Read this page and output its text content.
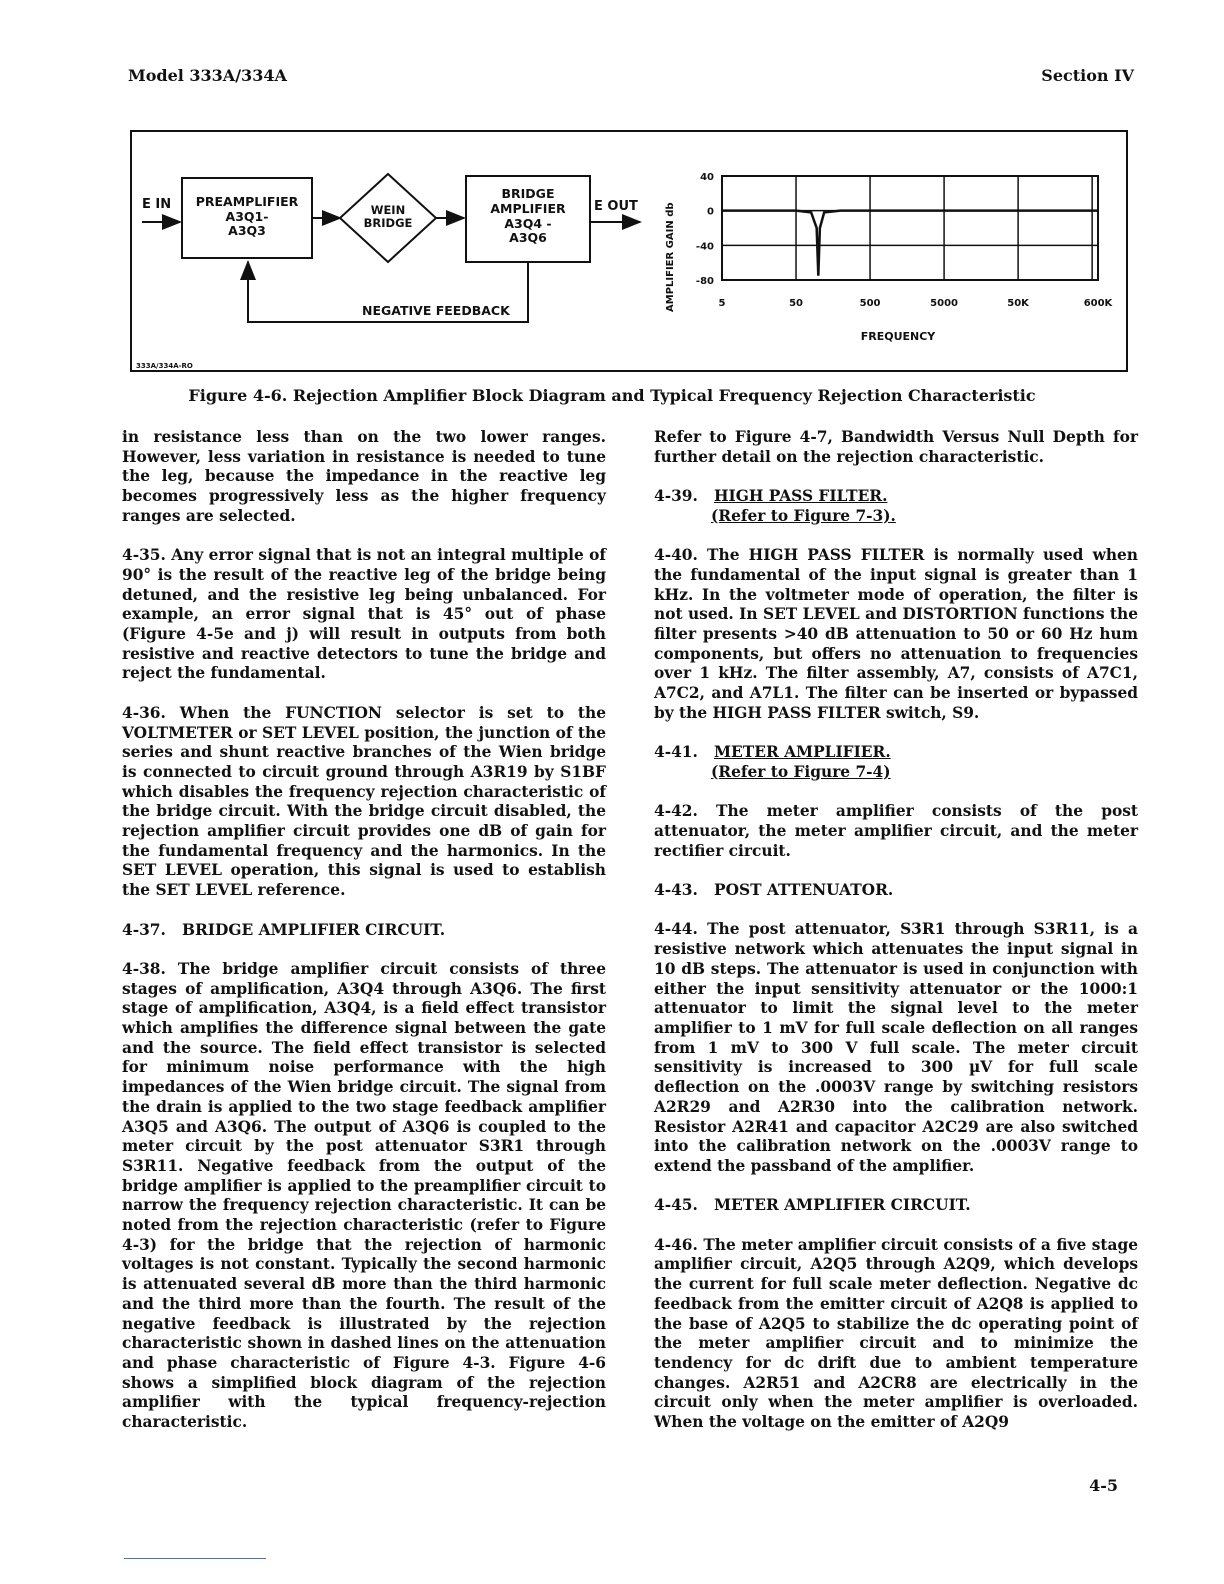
Model 333A/334A	Section IV
E IN PREAMPLIFIER
A3Q1-
A3Q3
WEIN
BRIDGE
BRIDGE
AMPLIFIER
A3Q4 -
A3Q6
E OUT
NEGATIVE FEEDBACK
333A/334A-RO
AMPLIFIER GAIN db
FREQUENCY
40
0
-40
-80
5	50	500	5000	50K	600K
Figure 4-6. Rejection Amplifier Block Diagram and Typical Frequency Rejection Characteristic

in resistance less than on the two lower ranges. However, less variation in resistance is needed to tune the leg, because the impedance in the reactive leg becomes progressively less as the higher frequency ranges are selected.

4-35. Any error signal that is not an integral multiple of 90° is the result of the reactive leg of the bridge being detuned, and the resistive leg being unbalanced. For example, an error signal that is 45° out of phase (Figure 4-5e and j) will result in outputs from both resistive and reactive detectors to tune the bridge and reject the fundamental.

4-36. When the FUNCTION selector is set to the VOLTMETER or SET LEVEL position, the junction of the series and shunt reactive branches of the Wien bridge is connected to circuit ground through A3R19 by S1BF which disables the frequency rejection characteristic of the bridge circuit. With the bridge circuit disabled, the rejection amplifier circuit provides one dB of gain for the fundamental frequency and the harmonics. In the SET LEVEL operation, this signal is used to establish the SET LEVEL reference.

4-37. BRIDGE AMPLIFIER CIRCUIT.

4-38. The bridge amplifier circuit consists of three stages of amplification, A3Q4 through A3Q6. The first stage of amplification, A3Q4, is a field effect transistor which amplifies the difference signal between the gate and the source. The field effect transistor is selected for minimum noise performance with the high impedances of the Wien bridge circuit. The signal from the drain is applied to the two stage feedback amplifier A3Q5 and A3Q6. The output of A3Q6 is coupled to the meter circuit by the post attenuator S3R1 through S3R11. Negative feedback from the output of the bridge amplifier is applied to the preamplifier circuit to narrow the frequency rejection characteristic. It can be noted from the rejection characteristic (refer to Figure 4-3) for the bridge that the rejection of harmonic voltages is not constant. Typically the second harmonic is attenuated several dB more than the third harmonic and the third more than the fourth. The result of the negative feedback is illustrated by the rejection characteristic shown in dashed lines on the attenuation and phase characteristic of Figure 4-3. Figure 4-6 shows a simplified block diagram of the rejection amplifier with the typical frequency-rejection characteristic.

Refer to Figure 4-7, Bandwidth Versus Null Depth for further detail on the rejection characteristic.

4-39. HIGH PASS FILTER.
(Refer to Figure 7-3).

4-40. The HIGH PASS FILTER is normally used when the fundamental of the input signal is greater than 1 kHz. In the voltmeter mode of operation, the filter is not used. In SET LEVEL and DISTORTION functions the filter presents >40 dB attenuation to 50 or 60 Hz hum components, but offers no attenuation to frequencies over 1 kHz. The filter assembly, A7, consists of A7C1, A7C2, and A7L1. The filter can be inserted or bypassed by the HIGH PASS FILTER switch, S9.

4-41. METER AMPLIFIER.
(Refer to Figure 7-4)

4-42. The meter amplifier consists of the post attenuator, the meter amplifier circuit, and the meter rectifier circuit.

4-43. POST ATTENUATOR.

4-44. The post attenuator, S3R1 through S3R11, is a resistive network which attenuates the input signal in 10 dB steps. The attenuator is used in conjunction with either the input sensitivity attenuator or the 1000:1 attenuator to limit the signal level to the meter amplifier to 1 mV for full scale deflection on all ranges from 1 mV to 300 V full scale. The meter circuit sensitivity is increased to 300 µV for full scale deflection on the .0003V range by switching resistors A2R29 and A2R30 into the calibration network. Resistor A2R41 and capacitor A2C29 are also switched into the calibration network on the .0003V range to extend the passband of the amplifier.

4-45. METER AMPLIFIER CIRCUIT.

4-46. The meter amplifier circuit consists of a five stage amplifier circuit, A2Q5 through A2Q9, which develops the current for full scale meter deflection. Negative dc feedback from the emitter circuit of A2Q8 is applied to the base of A2Q5 to stabilize the dc operating point of the meter amplifier circuit and to minimize the tendency for dc drift due to ambient temperature changes. A2R51 and A2CR8 are electrically in the circuit only when the meter amplifier is overloaded. When the voltage on the emitter of A2Q9

4-5
